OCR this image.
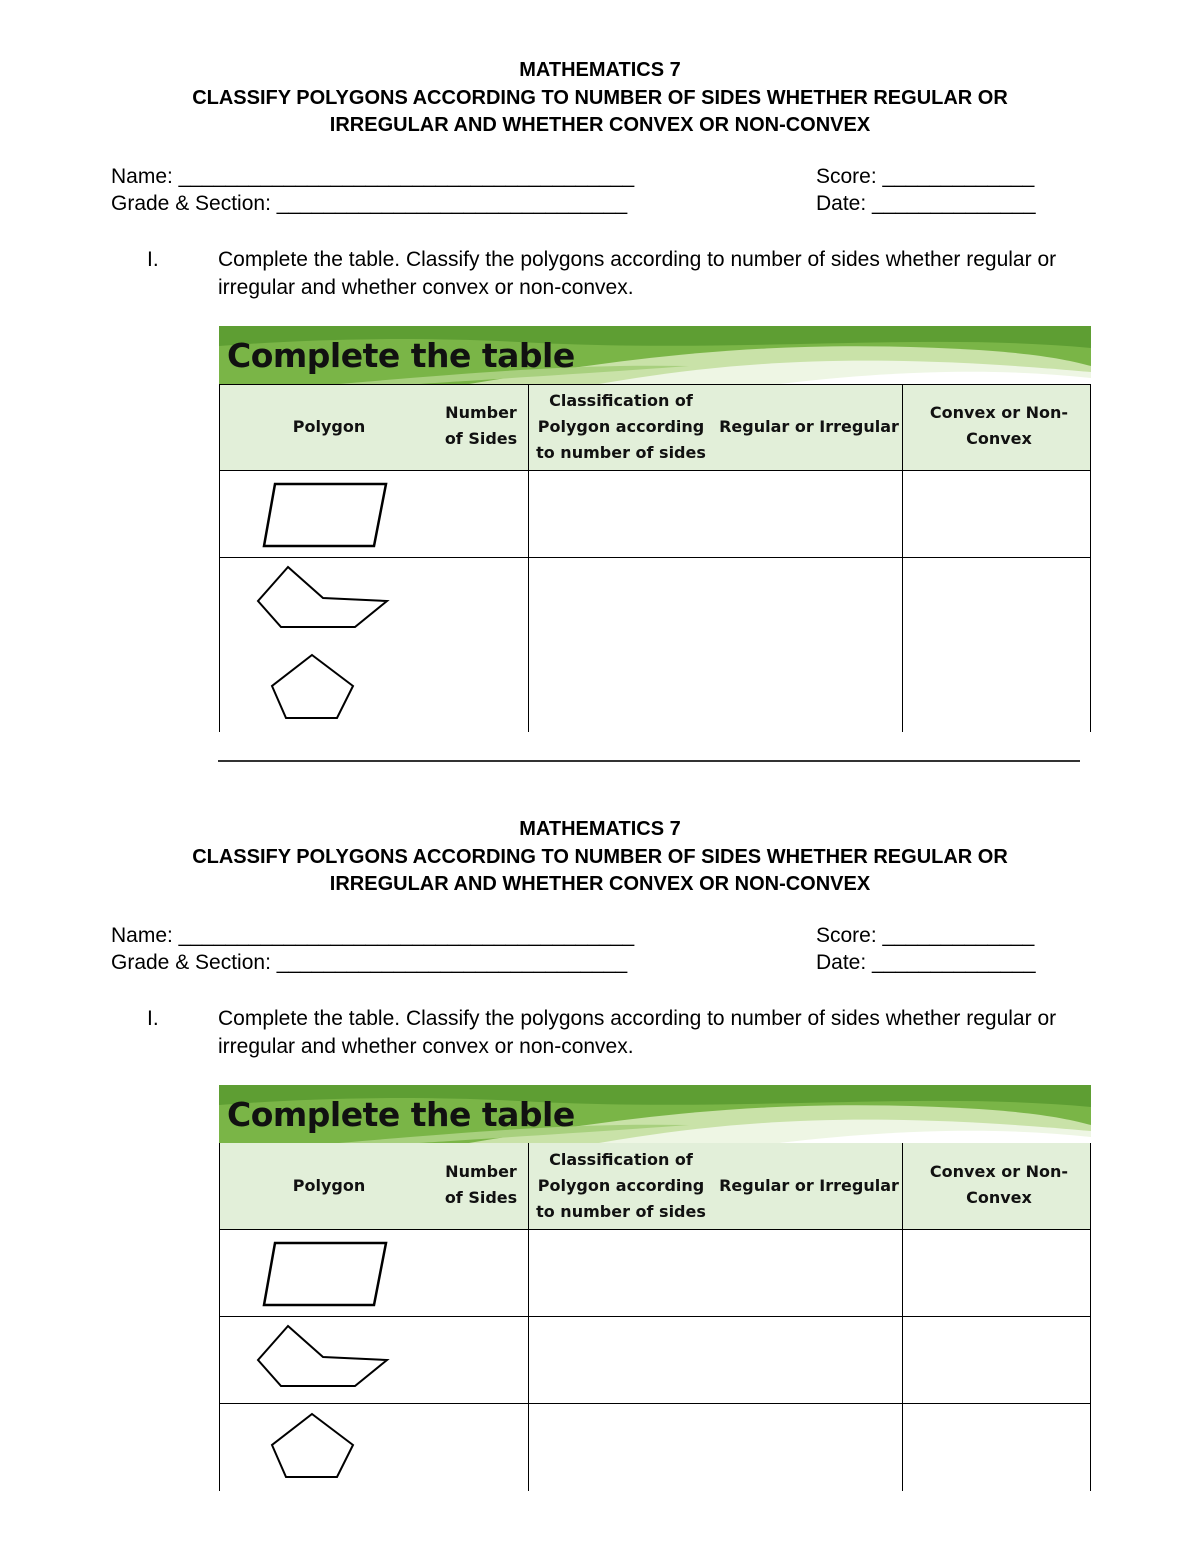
MATHEMATICS 7
CLASSIFY POLYGONS ACCORDING TO NUMBER OF SIDES WHETHER REGULAR OR
IRREGULAR AND WHETHER CONVEX OR NON-CONVEX
Name: _______________________________________
Grade & Section: ______________________________
Score: _____________
Date: ______________
I.	Complete the table. Classify the polygons according to number of sides whether regular or irregular and whether convex or non-convex.
Complete the table
Polygon
Number of Sides
Classification of Polygon according to number of sides
Regular or Irregular
Convex or Non-Convex
MATHEMATICS 7
CLASSIFY POLYGONS ACCORDING TO NUMBER OF SIDES WHETHER REGULAR OR
IRREGULAR AND WHETHER CONVEX OR NON-CONVEX
Name: _______________________________________
Grade & Section: ______________________________
Score: _____________
Date: ______________
I.	Complete the table. Classify the polygons according to number of sides whether regular or irregular and whether convex or non-convex.
Complete the table
Polygon
Number of Sides
Classification of Polygon according to number of sides
Regular or Irregular
Convex or Non-Convex
